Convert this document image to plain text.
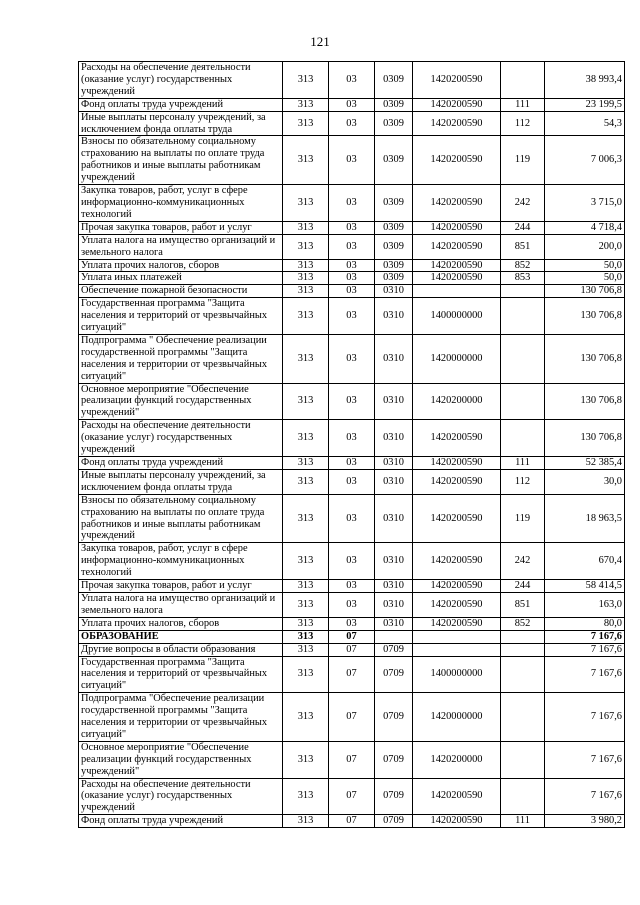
121
Расходы на обеспечение деятельности (оказание услуг) государственных учреждений	313	03	0309	1420200590		38 993,4
Фонд оплаты труда учреждений	313	03	0309	1420200590	111	23 199,5
Иные выплаты персоналу учреждений, за исключением фонда оплаты труда	313	03	0309	1420200590	112	54,3
Взносы по обязательному социальному страхованию на выплаты по оплате труда работников и иные выплаты работникам учреждений	313	03	0309	1420200590	119	7 006,3
Закупка товаров, работ, услуг в сфере информационно-коммуникационных технологий	313	03	0309	1420200590	242	3 715,0
Прочая закупка товаров, работ и услуг	313	03	0309	1420200590	244	4 718,4
Уплата налога на имущество организаций и земельного налога	313	03	0309	1420200590	851	200,0
Уплата прочих налогов, сборов	313	03	0309	1420200590	852	50,0
Уплата иных платежей	313	03	0309	1420200590	853	50,0
Обеспечение пожарной безопасности	313	03	0310			130 706,8
Государственная программа "Защита населения и территорий от чрезвычайных ситуаций"	313	03	0310	1400000000		130 706,8
Подпрограмма " Обеспечение реализации государственной программы "Защита населения и территории от чрезвычайных ситуаций"	313	03	0310	1420000000		130 706,8
Основное мероприятие "Обеспечение реализации функций государственных учреждений"	313	03	0310	1420200000		130 706,8
Расходы на обеспечение деятельности (оказание услуг) государственных учреждений	313	03	0310	1420200590		130 706,8
Фонд оплаты труда учреждений	313	03	0310	1420200590	111	52 385,4
Иные выплаты персоналу учреждений, за исключением фонда оплаты труда	313	03	0310	1420200590	112	30,0
Взносы по обязательному социальному страхованию на выплаты по оплате труда работников и иные выплаты работникам учреждений	313	03	0310	1420200590	119	18 963,5
Закупка товаров, работ, услуг в сфере информационно-коммуникационных технологий	313	03	0310	1420200590	242	670,4
Прочая закупка товаров, работ и услуг	313	03	0310	1420200590	244	58 414,5
Уплата налога на имущество организаций и земельного налога	313	03	0310	1420200590	851	163,0
Уплата прочих налогов, сборов	313	03	0310	1420200590	852	80,0
ОБРАЗОВАНИЕ	313	07				7 167,6
Другие вопросы в области образования	313	07	0709			7 167,6
Государственная программа "Защита населения и территорий от чрезвычайных ситуаций"	313	07	0709	1400000000		7 167,6
Подпрограмма "Обеспечение реализации государственной программы "Защита населения и территории от чрезвычайных ситуаций"	313	07	0709	1420000000		7 167,6
Основное мероприятие "Обеспечение реализации функций государственных учреждений"	313	07	0709	1420200000		7 167,6
Расходы на обеспечение деятельности (оказание услуг) государственных учреждений	313	07	0709	1420200590		7 167,6
Фонд оплаты труда учреждений	313	07	0709	1420200590	111	3 980,2
